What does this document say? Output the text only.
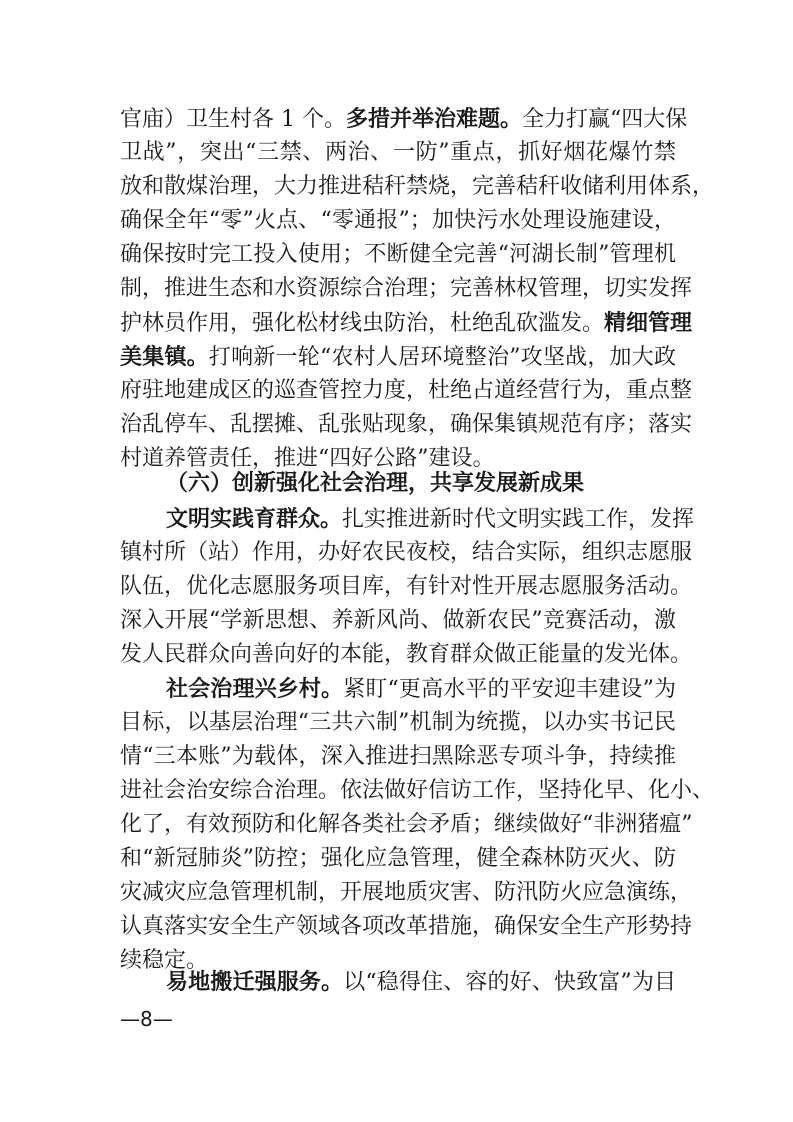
官庙）卫生村各 1 个。多措并举治难题。全力打赢“四大保
卫战”，突出“三禁、两治、一防”重点，抓好烟花爆竹禁
放和散煤治理，大力推进秸秆禁烧，完善秸秆收储利用体系，
确保全年“零”火点、“零通报”；加快污水处理设施建设，
确保按时完工投入使用；不断健全完善“河湖长制”管理机
制，推进生态和水资源综合治理；完善林权管理，切实发挥
护林员作用，强化松材线虫防治，杜绝乱砍滥发。精细管理
美集镇。打响新一轮“农村人居环境整治”攻坚战，加大政
府驻地建成区的巡查管控力度，杜绝占道经营行为，重点整
治乱停车、乱摆摊、乱张贴现象，确保集镇规范有序；落实
村道养管责任，推进“四好公路”建设。
（六）创新强化社会治理，共享发展新成果
文明实践育群众。扎实推进新时代文明实践工作，发挥
镇村所（站）作用，办好农民夜校，结合实际，组织志愿服
队伍，优化志愿服务项目库，有针对性开展志愿服务活动。
深入开展“学新思想、养新风尚、做新农民”竞赛活动，激
发人民群众向善向好的本能，教育群众做正能量的发光体。
社会治理兴乡村。紧盯“更高水平的平安迎丰建设”为
目标，以基层治理“三共六制”机制为统揽，以办实书记民
情“三本账”为载体，深入推进扫黑除恶专项斗争，持续推
进社会治安综合治理。依法做好信访工作，坚持化早、化小、
化了，有效预防和化解各类社会矛盾；继续做好“非洲猪瘟”
和“新冠肺炎”防控；强化应急管理，健全森林防灭火、防
灾减灾应急管理机制，开展地质灾害、防汛防火应急演练，
认真落实安全生产领域各项改革措施，确保安全生产形势持
续稳定。
易地搬迁强服务。以“稳得住、容的好、快致富”为目
—8—
